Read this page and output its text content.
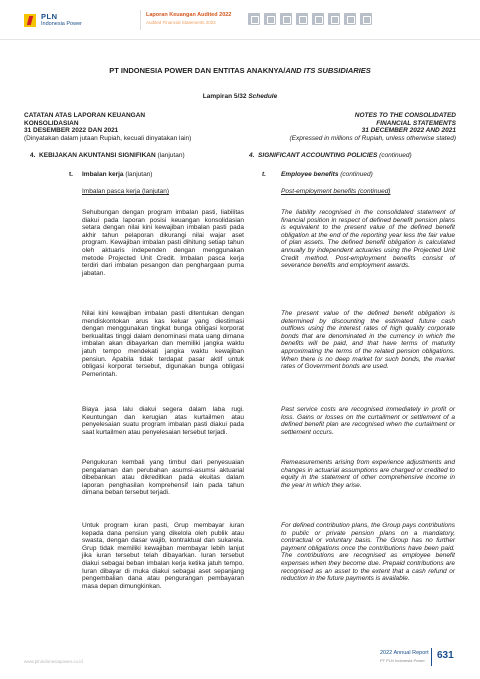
PLN
Indonesia Power
Laporan Keuangan Audited 2022
Audited Financial Statements 2022
PT INDONESIA POWER DAN ENTITAS ANAKNYA/AND ITS SUBSIDIARIES
Lampiran 5/32 Schedule
CATATAN ATAS LAPORAN KEUANGAN
KONSOLIDASIAN
31 DESEMBER 2022 DAN 2021
(Dinyatakan dalam jutaan Rupiah, kecuali dinyatakan lain)
NOTES TO THE CONSOLIDATED
FINANCIAL STATEMENTS
31 DECEMBER 2022 AND 2021
(Expressed in millions of Rupiah, unless otherwise stated)
4. KEBIJAKAN AKUNTANSI SIGNIFIKAN (lanjutan)	4. SIGNIFICANT ACCOUNTING POLICIES (continued)
t. Imbalan kerja (lanjutan)	t. Employee benefits (continued)
Imbalan pasca kerja (lanjutan)	Post-employment benefits (continued)
Sehubungan dengan program imbalan pasti, liabilitas diakui pada laporan posisi keuangan konsolidasian setara dengan nilai kini kewajiban imbalan pasti pada akhir tahun pelaporan dikurangi nilai wajar aset program. Kewajiban imbalan pasti dihitung setiap tahun oleh aktuaris independen dengan menggunakan metode Projected Unit Credit. Imbalan pasca kerja terdiri dari imbalan pesangon dan penghargaan purna jabatan.
Nilai kini kewajiban imbalan pasti ditentukan dengan mendiskontokan arus kas keluar yang diestimasi dengan menggunakan tingkat bunga obligasi korporat berkualitas tinggi dalam denominasi mata uang dimana imbalan akan dibayarkan dan memiliki jangka waktu jatuh tempo mendekati jangka waktu kewajiban pensiun. Apabila tidak terdapat pasar aktif untuk obligasi korporat tersebut, digunakan bunga obligasi Pemerintah.
Biaya jasa lalu diakui segera dalam laba rugi. Keuntungan dan kerugian atas kurtailmen atau penyelesaian suatu program imbalan pasti diakui pada saat kurtailmen atau penyelesaian tersebut terjadi.
Pengukuran kembali yang timbul dari penyesuaian pengalaman dan perubahan asumsi-asumsi aktuarial dibebankan atau dikreditkan pada ekuitas dalam laporan penghasilan komprehensif lain pada tahun dimana beban tersebut terjadi.
Untuk program iuran pasti, Grup membayar iuran kepada dana pensiun yang dikelola oleh publik atau swasta, dengan dasar wajib, kontraktual dan sukarela. Grup tidak memiliki kewajiban membayar lebih lanjut jika iuran tersebut telah dibayarkan. Iuran tersebut diakui sebagai beban imbalan kerja ketika jatuh tempo. Iuran dibayar di muka diakui sebagai aset sepanjang pengembalian dana atau pengurangan pembayaran masa depan dimungkinkan.
The liability recognised in the consolidated statement of financial position in respect of defined benefit pension plans is equivalent to the present value of the defined benefit obligation at the end of the reporting year less the fair value of plan assets. The defined benefit obligation is calculated annually by independent actuaries using the Projected Unit Credit method. Post-employment benefits consist of severance benefits and employment awards.
The present value of the defined benefit obligation is determined by discounting the estimated future cash outflows using the interest rates of high quality corporate bonds that are denominated in the currency in which the benefits will be paid, and that have terms of maturity approximating the terms of the related pension obligations. When there is no deep market for such bonds, the market rates of Government bonds are used.
Past service costs are recognised immediately in profit or loss. Gains or losses on the curtailment or settlement of a defined benefit plan are recognised when the curtailment or settlement occurs.
Remeasurements arising from experience adjustments and changes in actuarial assumptions are charged or credited to equity in the statement of other comprehensive income in the year in which they arise.
For defined contribution plans, the Group pays contributions to public or private pension plans on a mandatory, contractual or voluntary basis. The Group has no further payment obligations once the contributions have been paid. The contributions are recognised as employee benefit expenses when they become due. Prepaid contributions are recognised as an asset to the extent that a cash refund or reduction in the future payments is available.
www.plnindonesiapower.co.id
2022 Annual Report
PT PLN Indonesia Power 631
